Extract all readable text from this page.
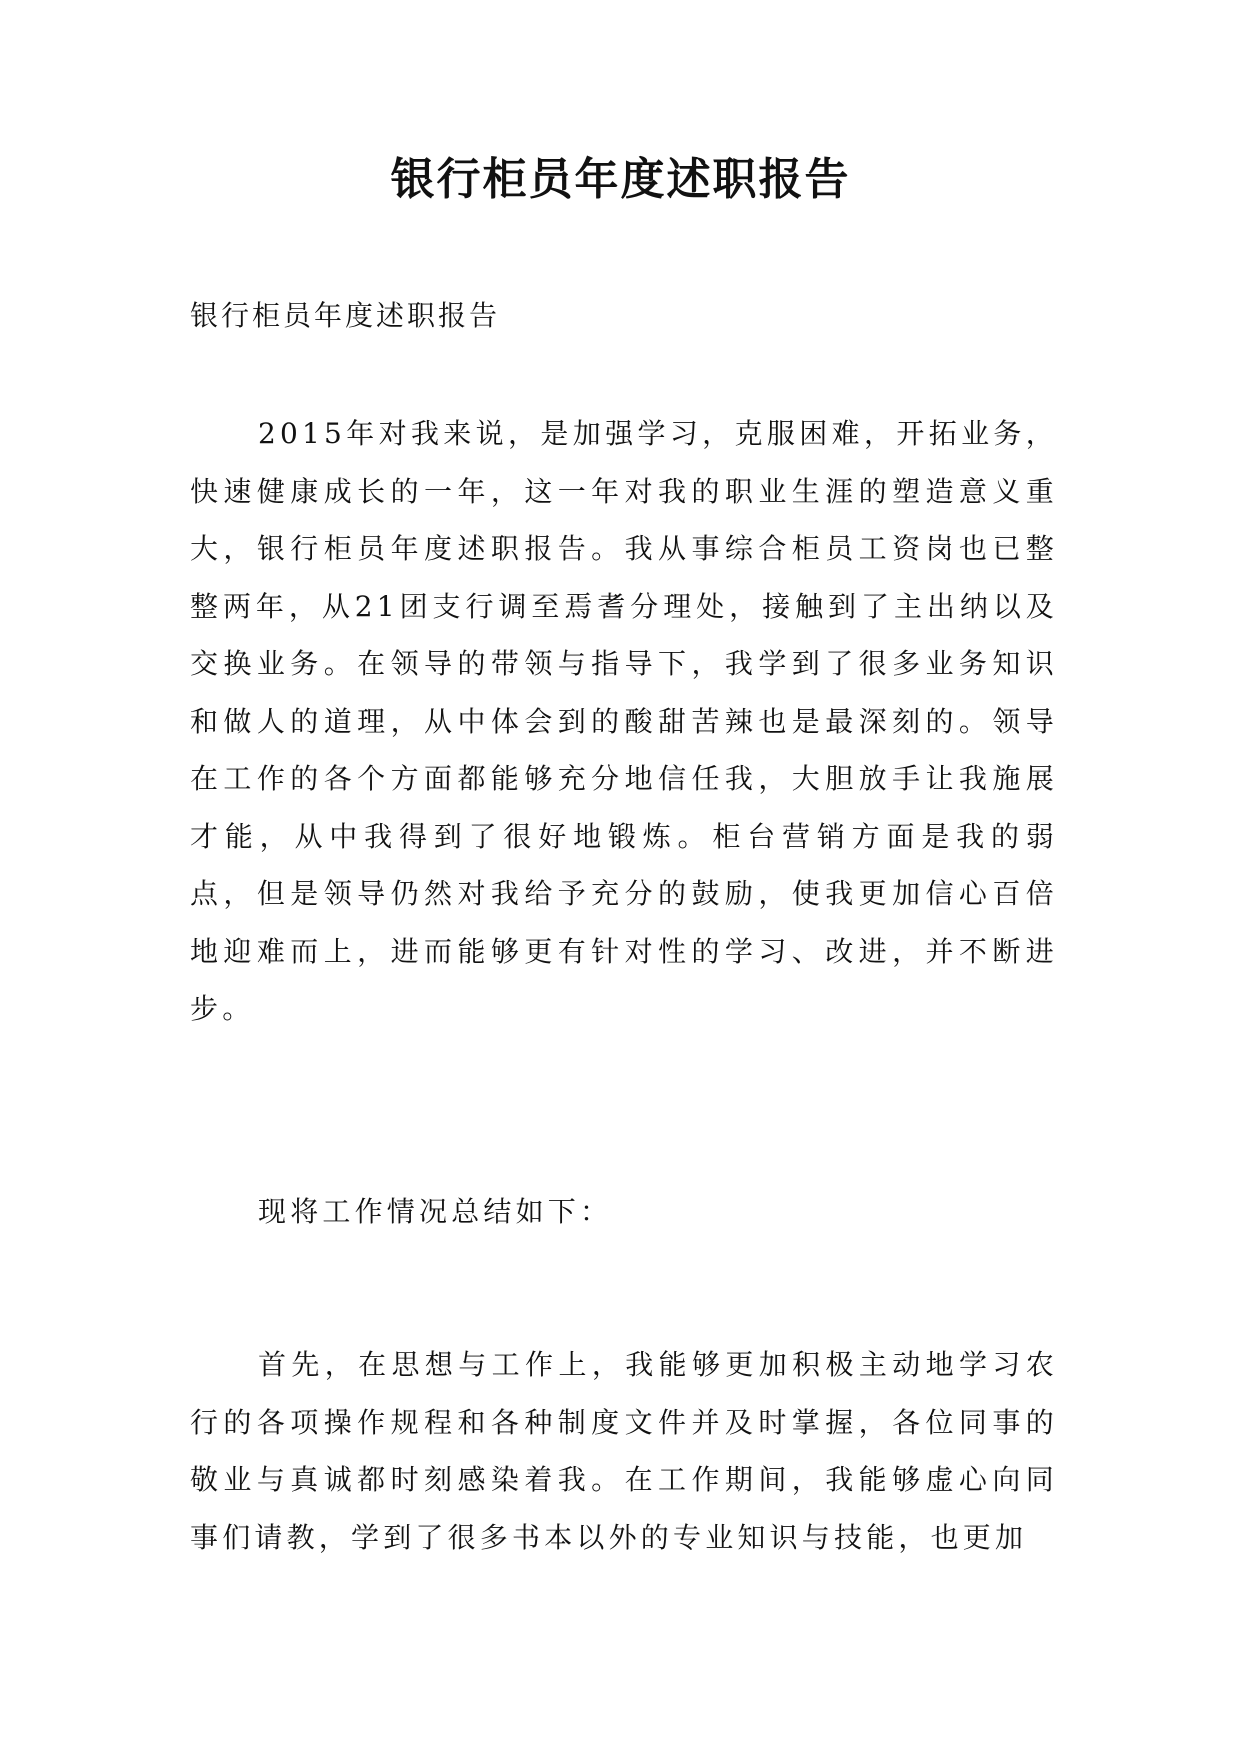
银行柜员年度述职报告
银行柜员年度述职报告

2015年对我来说，是加强学习，克服困难，开拓业务，快速健康成长的一年，这一年对我的职业生涯的塑造意义重大，银行柜员年度述职报告。我从事综合柜员工资岗也已整整两年，从21团支行调至焉耆分理处，接触到了主出纳以及交换业务。在领导的带领与指导下，我学到了很多业务知识和做人的道理，从中体会到的酸甜苦辣也是最深刻的。领导在工作的各个方面都能够充分地信任我，大胆放手让我施展才能，从中我得到了很好地锻炼。柜台营销方面是我的弱点，但是领导仍然对我给予充分的鼓励，使我更加信心百倍地迎难而上，进而能够更有针对性的学习、改进，并不断进步。

现将工作情况总结如下：

首先，在思想与工作上，我能够更加积极主动地学习农行的各项操作规程和各种制度文件并及时掌握，各位同事的敬业与真诚都时刻感染着我。在工作期间，我能够虚心向同事们请教，学到了很多书本以外的专业知识与技能，也更加
